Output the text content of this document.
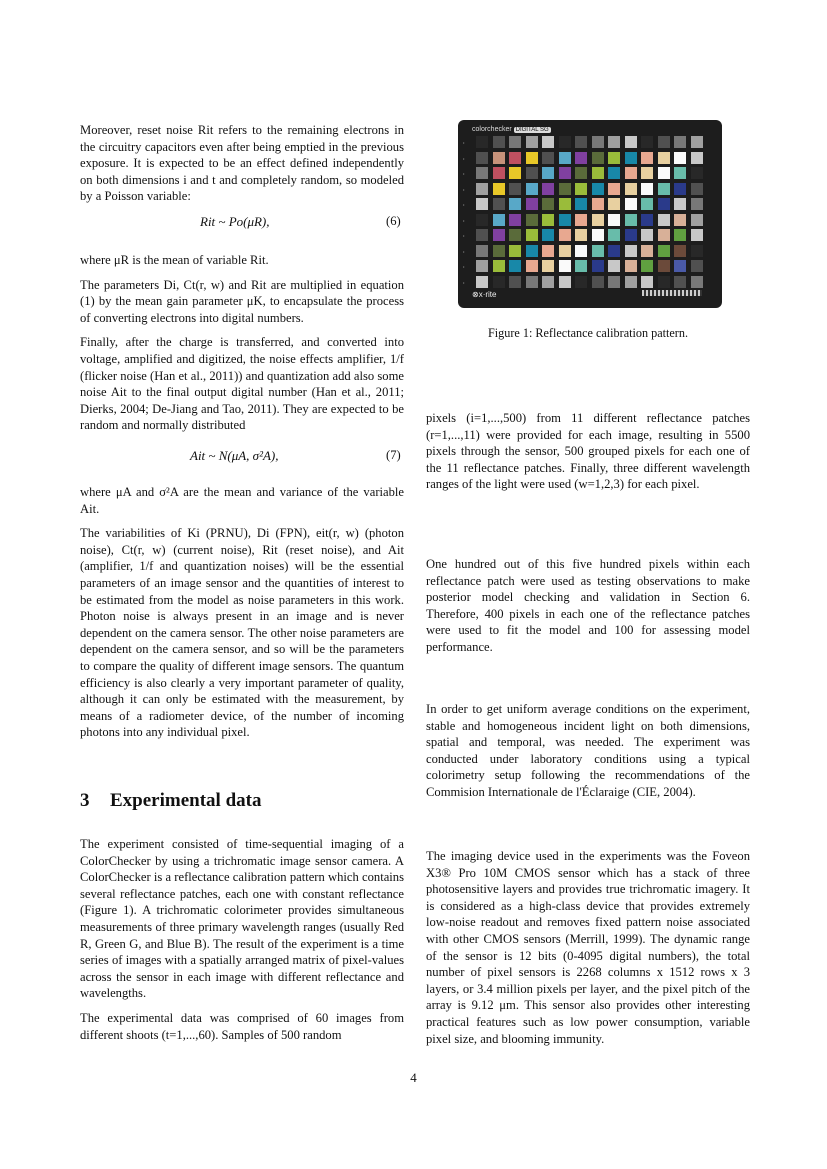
Moreover, reset noise Rit refers to the remaining electrons in the circuitry capacitors even after being emptied in the previous exposure. It is expected to be an effect defined independently on both dimensions i and t and completely random, so modeled by a Poisson variable:

Rit ~ Po(μR),	(6)

where μR is the mean of variable Rit.

The parameters Di, Ct(r, w) and Rit are multiplied in equation (1) by the mean gain parameter μK, to encapsulate the process of converting electrons into digital numbers.

Finally, after the charge is transferred, and converted into voltage, amplified and digitized, the noise effects amplifier, 1/f (flicker noise (Han et al., 2011)) and quantization add also some noise Ait to the final output digital number (Han et al., 2011; Dierks, 2004; De-Jiang and Tao, 2011). They are expected to be random and normally distributed

Ait ~ N(μA, σ²A),	(7)

where μA and σ²A are the mean and variance of the variable Ait.

The variabilities of Ki (PRNU), Di (FPN), eit(r, w) (photon noise), Ct(r, w) (current noise), Rit (reset noise), and Ait (amplifier, 1/f and quantization noises) will be the essential parameters of an image sensor and the quantities of interest to be estimated from the model as noise parameters in this work. Photon noise is always present in an image and is never dependent on the camera sensor. The other noise parameters are dependent on the camera sensor, and so will be the parameters to compare the quality of different image sensors. The quantum efficiency is also clearly a very important parameter of quality, although it can only be estimated with the measurement, by means of a radiometer device, of the number of incoming photons into any individual pixel.

3 Experimental data

The experiment consisted of time-sequential imaging of a ColorChecker by using a trichromatic image sensor camera. A ColorChecker is a reflectance calibration pattern which contains several reflectance patches, each one with constant reflectance (Figure 1). A trichromatic colorimeter provides simultaneous measurements of three primary wavelength ranges (usually Red R, Green G, and Blue B). The result of the experiment is a time series of images with a spatially arranged matrix of pixel-values across the sensor in each image with different reflectance and wavelengths.

The experimental data was comprised of 60 images from different shoots (t=1,...,60). Samples of 500 random

colorchecker DIGITAL SG
•
•
•
•
•
•
•
•
•
•
⊗x·rite
Figure 1: Reflectance calibration pattern.

pixels (i=1,...,500) from 11 different reflectance patches (r=1,...,11) were provided for each image, resulting in 5500 pixels through the sensor, 500 grouped pixels for each one of the 11 reflectance patches. Finally, three different wavelength ranges of the light were used (w=1,2,3) for each pixel.

One hundred out of this five hundred pixels within each reflectance patch were used as testing observations to make posterior model checking and validation in Section 6. Therefore, 400 pixels in each one of the reflectance patches were used to fit the model and 100 for assessing model performance.

In order to get uniform average conditions on the experiment, stable and homogeneous incident light on both dimensions, spatial and temporal, was needed. The experiment was conducted under laboratory conditions using a typical colorimetry setup following the recommendations of the Commision Internationale de l'Éclaraige (CIE, 2004).

The imaging device used in the experiments was the Foveon X3® Pro 10M CMOS sensor which has a stack of three photosensitive layers and provides true trichromatic imagery. It is considered as a high-class device that provides extremely low-noise readout and removes fixed pattern noise associated with other CMOS sensors (Merrill, 1999). The dynamic range of the sensor is 12 bits (0-4095 digital numbers), the total number of pixel sensors is 2268 columns x 1512 rows x 3 layers, or 3.4 million pixels per layer, and the pixel pitch of the array is 9.12 μm. This sensor also provides other interesting practical features such as low power consumption, variable pixel size, and blooming immunity.

4
